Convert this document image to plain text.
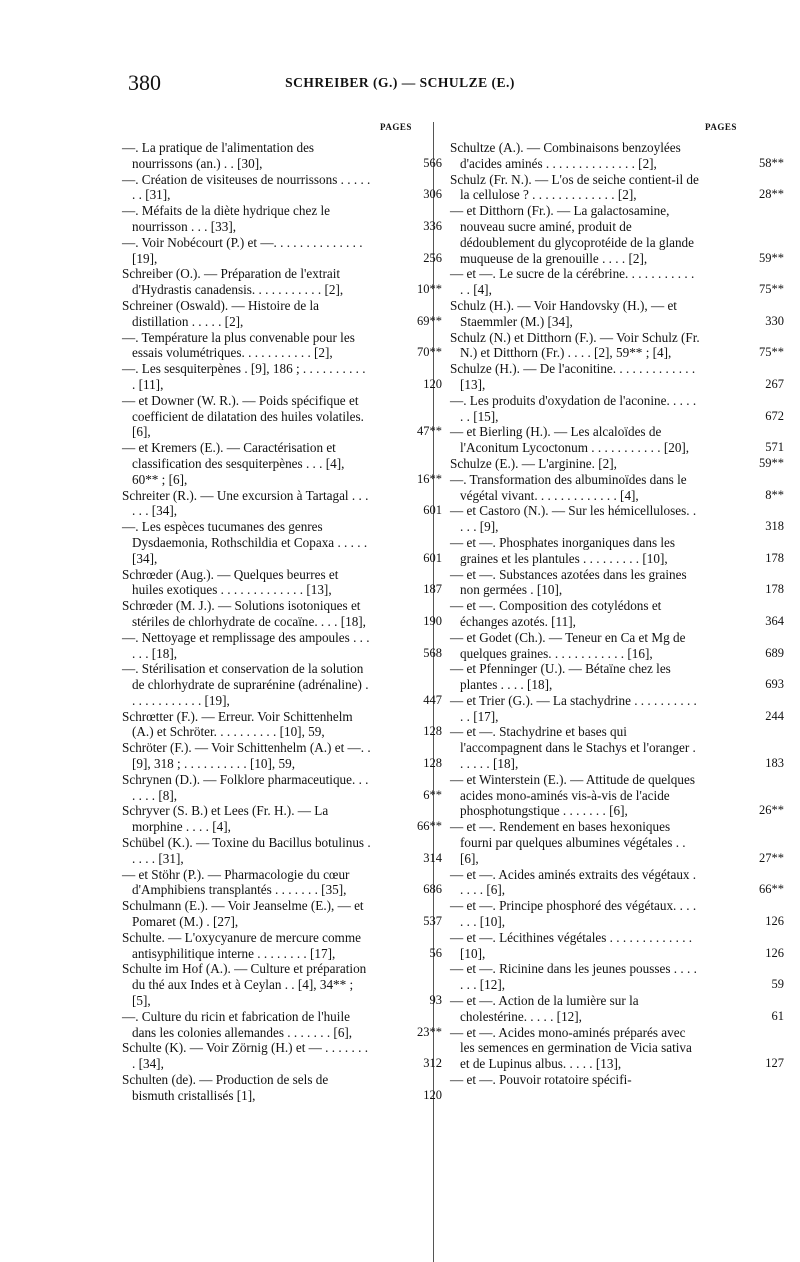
380	SCHREIBER (G.) — SCHULZE (E.)
PAGES	PAGES

—. La pratique de l'alimentation des nourrissons (an.) . . [30],	566

—. Création de visiteuses de nourrissons . . . . . . . [31],	306

—. Méfaits de la diète hydrique chez le nourrisson . . . [33],	336

—. Voir Nobécourt (P.) et —. . . . . . . . . . . . . . [19],	256

Schreiber (O.). — Préparation de l'extrait d'Hydrastis canadensis. . . . . . . . . . . [2],	10**

Schreiner (Oswald). — Histoire de la distillation . . . . . [2],	69**

—. Température la plus convenable pour les essais volumétriques. . . . . . . . . . . [2],	70**

—. Les sesquiterpènes . [9], 186 ; . . . . . . . . . . . [11],	120

— et Downer (W. R.). — Poids spécifique et coefficient de dilatation des huiles volatiles. [6],	47**

— et Kremers (E.). — Caractérisation et classification des sesquiterpènes . . . [4], 60** ; [6],	16**

Schreiter (R.). — Une excursion à Tartagal . . . . . . [34],	601

—. Les espèces tucumanes des genres Dysdaemonia, Rothschildia et Copaxa . . . . . [34],	601

Schrœder (Aug.). — Quelques beurres et huiles exotiques . . . . . . . . . . . . . [13],	187

Schrœder (M. J.). — Solutions isotoniques et stériles de chlorhydrate de cocaïne. . . . [18],	190

—. Nettoyage et remplissage des ampoules . . . . . . [18],	568

—. Stérilisation et conservation de la solution de chlorhydrate de suprarénine (adrénaline) . . . . . . . . . . . . [19],	447

Schrœtter (F.). — Erreur. Voir Schittenhelm (A.) et Schröter. . . . . . . . . . [10], 59,	128

Schröter (F.). — Voir Schittenhelm (A.) et —. . [9], 318 ; . . . . . . . . . . [10], 59,	128

Schrynen (D.). — Folklore pharmaceutique. . . . . . . [8],	6**

Schryver (S. B.) et Lees (Fr. H.). — La morphine . . . . [4],	66**

Schübel (K.). — Toxine du Bacillus botulinus . . . . . [31],	314

— et Stöhr (P.). — Pharmacologie du cœur d'Amphibiens transplantés . . . . . . . [35],	686

Schulmann (E.). — Voir Jeanselme (E.), — et Pomaret (M.) . [27],	537

Schulte. — L'oxycyanure de mercure comme antisyphilitique interne . . . . . . . . [17],	56

Schulte im Hof (A.). — Culture et préparation du thé aux Indes et à Ceylan . . [4], 34** ; [5],	93

—. Culture du ricin et fabrication de l'huile dans les colonies allemandes . . . . . . . [6],	23**

Schulte (K). — Voir Zörnig (H.) et — . . . . . . . . [34],	312

Schulten (de). — Production de sels de bismuth cristallisés [1],	120

Schultze (A.). — Combinaisons benzoylées d'acides aminés . . . . . . . . . . . . . . [2],	58**

Schulz (Fr. N.). — L'os de seiche contient-il de la cellulose ? . . . . . . . . . . . . . [2],	28**

— et Ditthorn (Fr.). — La galactosamine, nouveau sucre aminé, produit de dédoublement du glycoprotéide de la glande muqueuse de la grenouille . . . . [2],	59**

— et —. Le sucre de la cérébrine. . . . . . . . . . . . . [4],	75**

Schulz (H.). — Voir Handovsky (H.), — et Staemmler (M.) [34],	330

Schulz (N.) et Ditthorn (F.). — Voir Schulz (Fr. N.) et Ditthorn (Fr.) . . . . [2], 59** ; [4],	75**

Schulze (H.). — De l'aconitine. . . . . . . . . . . . . [13],	267

—. Les produits d'oxydation de l'aconine. . . . . . . [15],	672

— et Bierling (H.). — Les alcaloïdes de l'Aconitum Lycoctonum . . . . . . . . . . . [20],	571

Schulze (E.). — L'arginine. [2],	59**

—. Transformation des albuminoïdes dans le végétal vivant. . . . . . . . . . . . . [4],	8**

— et Castoro (N.). — Sur les hémicelluloses. . . . . [9],	318

— et —. Phosphates inorganiques dans les graines et les plantules . . . . . . . . . [10],	178

— et —. Substances azotées dans les graines non germées . [10],	178

— et —. Composition des cotylédons et échanges azotés. [11],	364

— et Godet (Ch.). — Teneur en Ca et Mg de quelques graines. . . . . . . . . . . . [16],	689

— et Pfenninger (U.). — Bétaïne chez les plantes . . . . [18],	693

— et Trier (G.). — La stachydrine . . . . . . . . . . . . [17],	244

— et —. Stachydrine et bases qui l'accompagnent dans le Stachys et l'oranger . . . . . . [18],	183

— et Winterstein (E.). — Attitude de quelques acides mono-aminés vis-à-vis de l'acide phosphotungstique . . . . . . . [6],	26**

— et —. Rendement en bases hexoniques fourni par quelques albumines végétales . . [6],	27**

— et —. Acides aminés extraits des végétaux . . . . . [6],	66**

— et —. Principe phosphoré des végétaux. . . . . . . [10],	126

— et —. Lécithines végétales . . . . . . . . . . . . . [10],	126

— et —. Ricinine dans les jeunes pousses . . . . . . . [12],	59

— et —. Action de la lumière sur la cholestérine. . . . . [12],	61

— et —. Acides mono-aminés préparés avec les semences en germination de Vicia sativa et de Lupinus albus. . . . . [13],	127

— et —. Pouvoir rotatoire spécifi-
